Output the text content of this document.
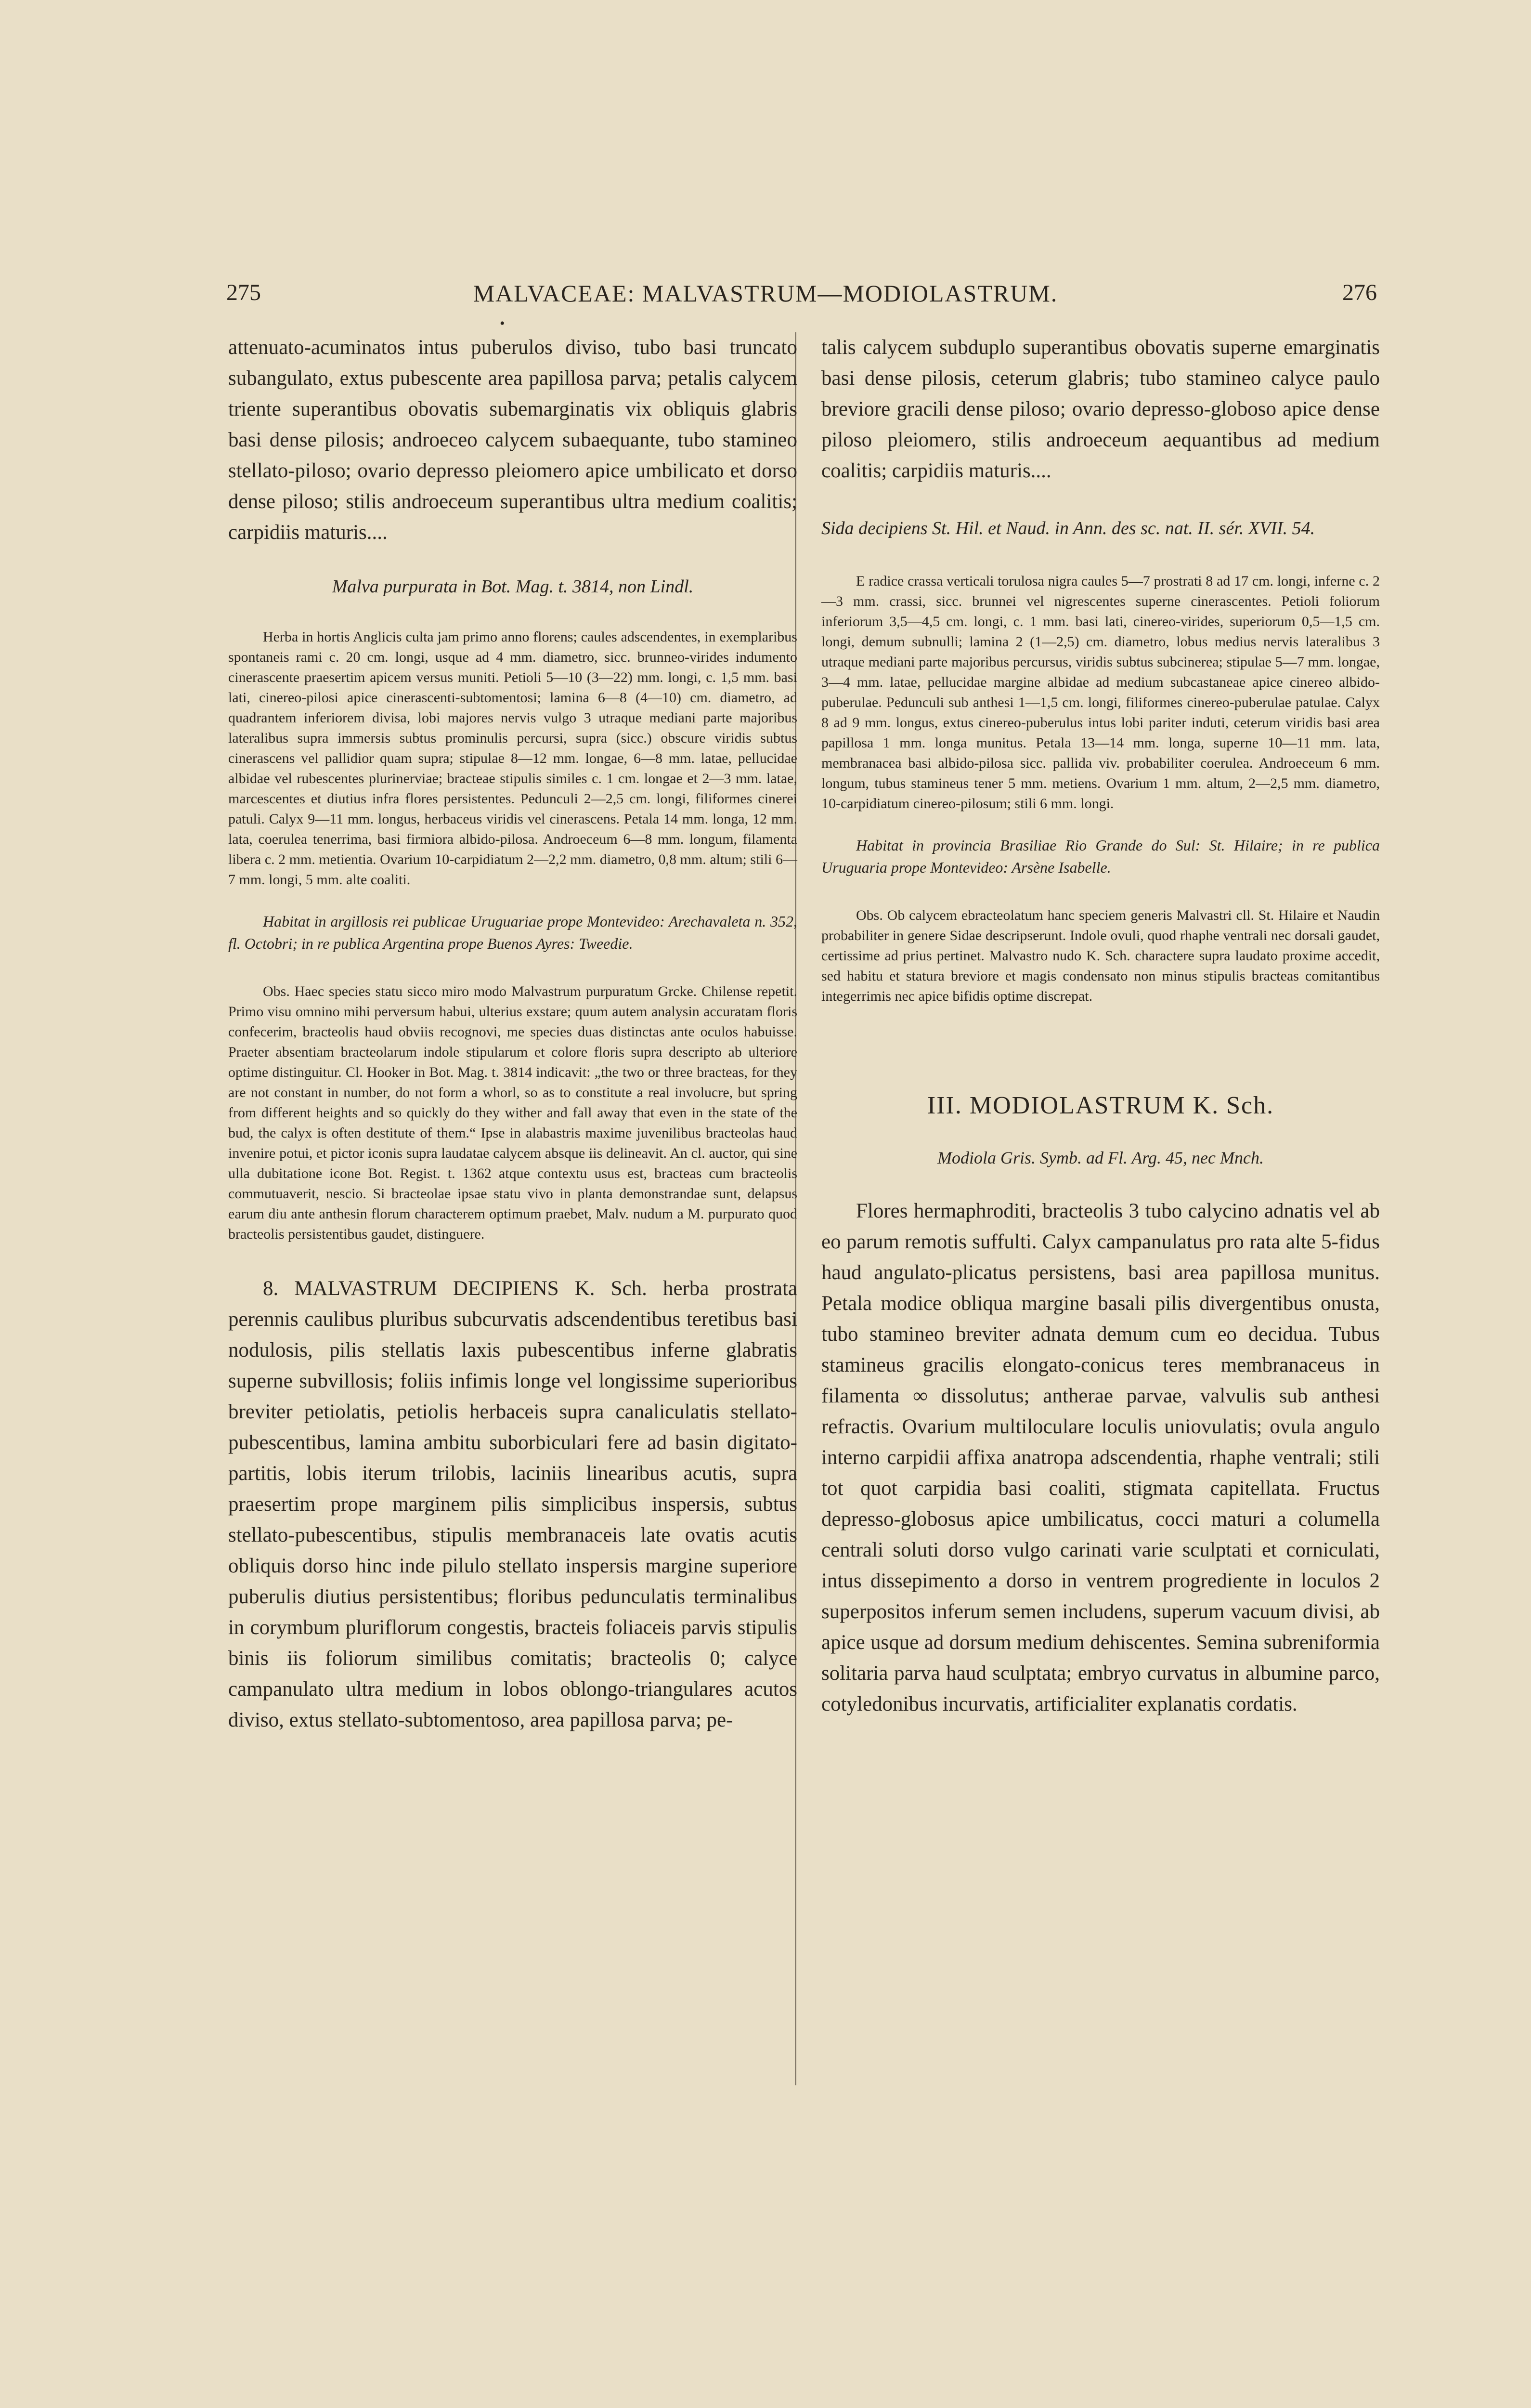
275	MALVACEAE: MALVASTRUM—MODIOLASTRUM.	276
•

attenuato-acuminatos intus puberulos diviso, tubo basi truncato subangulato, extus pubescente area papillosa parva; petalis calycem triente superantibus obovatis subemarginatis vix obliquis glabris basi dense pilosis; androeceo calycem subaequante, tubo stamineo stellato-piloso; ovario depresso pleiomero apice umbilicato et dorso dense piloso; stilis androeceum superantibus ultra medium coalitis; carpidiis maturis....

Malva purpurata in Bot. Mag. t. 3814, non Lindl.

Herba in hortis Anglicis culta jam primo anno florens; caules adscendentes, in exemplaribus spontaneis rami c. 20 cm. longi, usque ad 4 mm. diametro, sicc. brunneo-virides indumento cinerascente praesertim apicem versus muniti. Petioli 5—10 (3—22) mm. longi, c. 1,5 mm. basi lati, cinereo-pilosi apice cinerascenti-subtomentosi; lamina 6—8 (4—10) cm. diametro, ad quadrantem inferiorem divisa, lobi majores nervis vulgo 3 utraque mediani parte majoribus lateralibus supra immersis subtus prominulis percursi, supra (sicc.) obscure viridis subtus cinerascens vel pallidior quam supra; stipulae 8—12 mm. longae, 6—8 mm. latae, pellucidae albidae vel rubescentes plurinerviae; bracteae stipulis similes c. 1 cm. longae et 2—3 mm. latae, marcescentes et diutius infra flores persistentes. Pedunculi 2—2,5 cm. longi, filiformes cinerei patuli. Calyx 9—11 mm. longus, herbaceus viridis vel cinerascens. Petala 14 mm. longa, 12 mm. lata, coerulea tenerrima, basi firmiora albido-pilosa. Androeceum 6—8 mm. longum, filamenta libera c. 2 mm. metientia. Ovarium 10-carpidiatum 2—2,2 mm. diametro, 0,8 mm. altum; stili 6—7 mm. longi, 5 mm. alte coaliti.

Habitat in argillosis rei publicae Uruguariae prope Montevideo: Arechavaleta n. 352, fl. Octobri; in re publica Argentina prope Buenos Ayres: Tweedie.

Obs. Haec species statu sicco miro modo Malvastrum purpuratum Grcke. Chilense repetit. Primo visu omnino mihi perversum habui, ulterius exstare; quum autem analysin accuratam floris confecerim, bracteolis haud obviis recognovi, me species duas distinctas ante oculos habuisse. Praeter absentiam bracteolarum indole stipularum et colore floris supra descripto ab ulteriore optime distinguitur. Cl. Hooker in Bot. Mag. t. 3814 indicavit: „the two or three bracteas, for they are not constant in number, do not form a whorl, so as to constitute a real involucre, but spring from different heights and so quickly do they wither and fall away that even in the state of the bud, the calyx is often destitute of them.“ Ipse in alabastris maxime juvenilibus bracteolas haud invenire potui, et pictor iconis supra laudatae calycem absque iis delineavit. An cl. auctor, qui sine ulla dubitatione icone Bot. Regist. t. 1362 atque contextu usus est, bracteas cum bracteolis commutuaverit, nescio. Si bracteolae ipsae statu vivo in planta demonstrandae sunt, delapsus earum diu ante anthesin florum characterem optimum praebet, Malv. nudum a M. purpurato quod bracteolis persistentibus gaudet, distinguere.

8. MALVASTRUM DECIPIENS K. Sch. herba prostrata perennis caulibus pluribus subcurvatis adscendentibus teretibus basi nodulosis, pilis stellatis laxis pubescentibus inferne glabratis superne subvillosis; foliis infimis longe vel longissime superioribus breviter petiolatis, petiolis herbaceis supra canaliculatis stellato-pubescentibus, lamina ambitu suborbiculari fere ad basin digitato-partitis, lobis iterum trilobis, laciniis linearibus acutis, supra praesertim prope marginem pilis simplicibus inspersis, subtus stellato-pubescentibus, stipulis membranaceis late ovatis acutis obliquis dorso hinc inde pilulo stellato inspersis margine superiore puberulis diutius persistentibus; floribus pedunculatis terminalibus in corymbum pluriflorum congestis, bracteis foliaceis parvis stipulis binis iis foliorum similibus comitatis; bracteolis 0; calyce campanulato ultra medium in lobos oblongo-triangulares acutos diviso, extus stellato-subtomentoso, area papillosa parva; pe-

talis calycem subduplo superantibus obovatis superne emarginatis basi dense pilosis, ceterum glabris; tubo stamineo calyce paulo breviore gracili dense piloso; ovario depresso-globoso apice dense piloso pleiomero, stilis androeceum aequantibus ad medium coalitis; carpidiis maturis....

Sida decipiens St. Hil. et Naud. in Ann. des sc. nat. II. sér. XVII. 54.

E radice crassa verticali torulosa nigra caules 5—7 prostrati 8 ad 17 cm. longi, inferne c. 2—3 mm. crassi, sicc. brunnei vel nigrescentes superne cinerascentes. Petioli foliorum inferiorum 3,5—4,5 cm. longi, c. 1 mm. basi lati, cinereo-virides, superiorum 0,5—1,5 cm. longi, demum subnulli; lamina 2 (1—2,5) cm. diametro, lobus medius nervis lateralibus 3 utraque mediani parte majoribus percursus, viridis subtus subcinerea; stipulae 5—7 mm. longae, 3—4 mm. latae, pellucidae margine albidae ad medium subcastaneae apice cinereo albido-puberulae. Pedunculi sub anthesi 1—1,5 cm. longi, filiformes cinereo-puberulae patulae. Calyx 8 ad 9 mm. longus, extus cinereo-puberulus intus lobi pariter induti, ceterum viridis basi area papillosa 1 mm. longa munitus. Petala 13—14 mm. longa, superne 10—11 mm. lata, membranacea basi albido-pilosa sicc. pallida viv. probabiliter coerulea. Androeceum 6 mm. longum, tubus stamineus tener 5 mm. metiens. Ovarium 1 mm. altum, 2—2,5 mm. diametro, 10-carpidiatum cinereo-pilosum; stili 6 mm. longi.

Habitat in provincia Brasiliae Rio Grande do Sul: St. Hilaire; in re publica Uruguaria prope Montevideo: Arsène Isabelle.

Obs. Ob calycem ebracteolatum hanc speciem generis Malvastri cll. St. Hilaire et Naudin probabiliter in genere Sidae descripserunt. Indole ovuli, quod rhaphe ventrali nec dorsali gaudet, certissime ad prius pertinet. Malvastro nudo K. Sch. charactere supra laudato proxime accedit, sed habitu et statura breviore et magis condensato non minus stipulis bracteas comitantibus integerrimis nec apice bifidis optime discrepat.

III. MODIOLASTRUM K. Sch.

Modiola Gris. Symb. ad Fl. Arg. 45, nec Mnch.

Flores hermaphroditi, bracteolis 3 tubo calycino adnatis vel ab eo parum remotis suffulti. Calyx campanulatus pro rata alte 5-fidus haud angulato-plicatus persistens, basi area papillosa munitus. Petala modice obliqua margine basali pilis divergentibus onusta, tubo stamineo breviter adnata demum cum eo decidua. Tubus stamineus gracilis elongato-conicus teres membranaceus in filamenta ∞ dissolutus; antherae parvae, valvulis sub anthesi refractis. Ovarium multiloculare loculis uniovulatis; ovula angulo interno carpidii affixa anatropa adscendentia, rhaphe ventrali; stili tot quot carpidia basi coaliti, stigmata capitellata. Fructus depresso-globosus apice umbilicatus, cocci maturi a columella centrali soluti dorso vulgo carinati varie sculptati et corniculati, intus dissepimento a dorso in ventrem progrediente in loculos 2 superpositos inferum semen includens, superum vacuum divisi, ab apice usque ad dorsum medium dehiscentes. Semina subreniformia solitaria parva haud sculptata; embryo curvatus in albumine parco, cotyledonibus incurvatis, artificialiter explanatis cordatis.
